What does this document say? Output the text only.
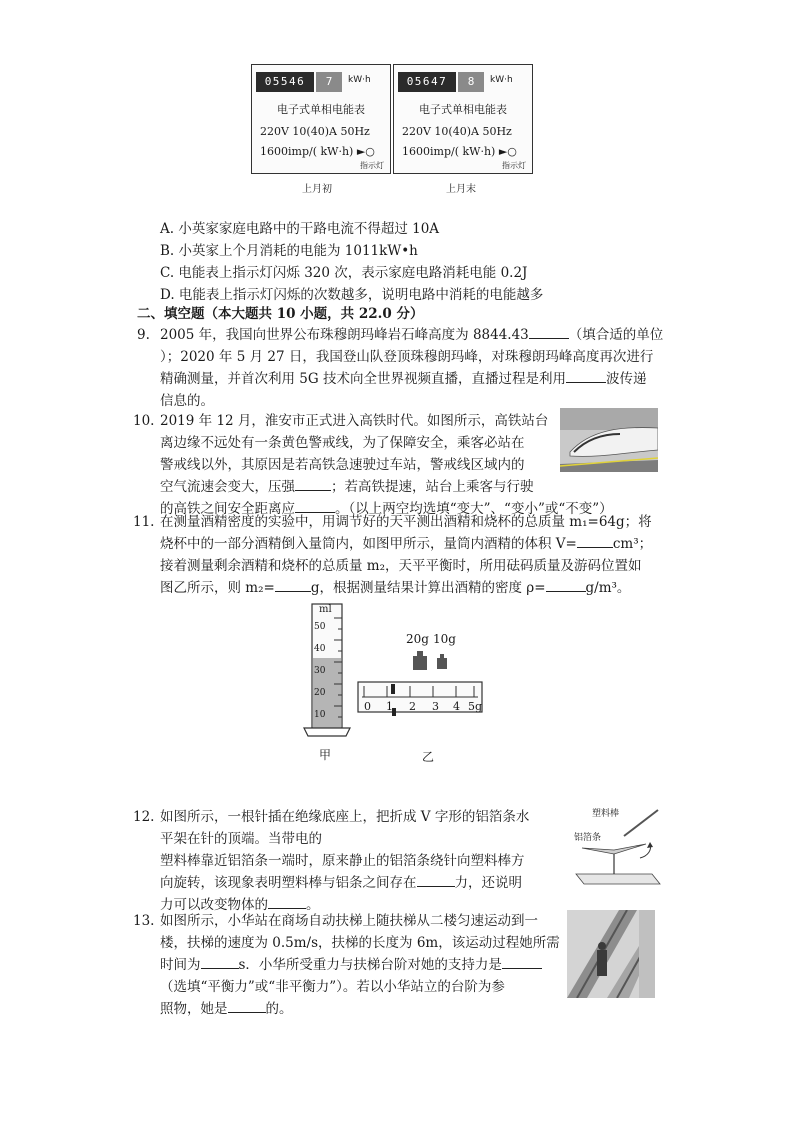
05546	7	kW·h
电子式单相电能表
220V 10(40)A 50Hz
1600imp/( kW·h) ►○
指示灯
上月初
05647	8	kW·h
电子式单相电能表
220V 10(40)A 50Hz
1600imp/( kW·h) ►○
指示灯
上月末
A. 小英家家庭电路中的干路电流不得超过 10A
B. 小英家上个月消耗的电能为 1011kW•h
C. 电能表上指示灯闪烁 320 次，表示家庭电路消耗电能 0.2J
D. 电能表上指示灯闪烁的次数越多，说明电路中消耗的电能越多
二、填空题（本大题共 10 小题，共 22.0 分）
9. 2005 年，我国向世界公布珠穆朗玛峰岩石峰高度为 8844.43	（填合适的单位
）；2020 年 5 月 27 日，我国登山队登顶珠穆朗玛峰，对珠穆朗玛峰高度再次进行
精确测量，并首次利用 5G 技术向全世界视频直播，直播过程是利用	波传递
信息的。
10. 2019 年 12 月，淮安市正式进入高铁时代。如图所示，高铁站台
离边缘不远处有一条黄色警戒线，为了保障安全，乘客必站在
警戒线以外，其原因是若高铁急速驶过车站，警戒线区域内的
空气流速会变大，压强	；若高铁提速，站台上乘客与行驶
的高铁之间安全距离应	。（以上两空均选填“变大”、“变小”或“不变”）
11. 在测量酒精密度的实验中，用调节好的天平测出酒精和烧杯的总质量 m₁=64g；将
烧杯中的一部分酒精倒入量筒内，如图甲所示，量筒内酒精的体积 V=	cm³；
接着测量剩余酒精和烧杯的总质量 m₂，天平平衡时，所用砝码质量及游码位置如
图乙所示，则 m₂=	g，根据测量结果计算出酒精的密度 ρ=	g/m³。
ml
50
40
30
20
10
20g 10g
0 1 2 3 4 5g
甲	乙
12. 如图所示，一根针插在绝缘底座上，把折成 V 字形的铝箔条水
平架在针的顶端。当带电的
塑料棒靠近铝箔条一端时，原来静止的铝箔条绕针向塑料棒方
向旋转，该现象表明塑料棒与铝条之间存在	力，还说明
力可以改变物体的	。
塑料棒
铝箔条
13. 如图所示，小华站在商场自动扶梯上随扶梯从二楼匀速运动到一
楼，扶梯的速度为 0.5m/s，扶梯的长度为 6m，该运动过程她所需
时间为	s．小华所受重力与扶梯台阶对她的支持力是
（选填“平衡力”或“非平衡力”）。若以小华站立的台阶为参
照物，她是	的。
